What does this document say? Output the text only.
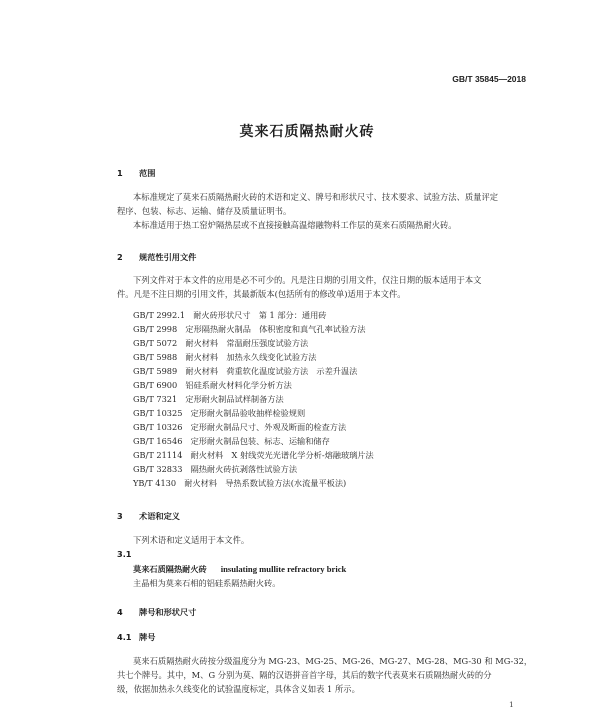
GB/T 35845—2018
莫来石质隔热耐火砖
1 范围
本标准规定了莫来石质隔热耐火砖的术语和定义、牌号和形状尺寸、技术要求、试验方法、质量评定
程序、包装、标志、运输、储存及质量证明书。
本标准适用于热工窑炉隔热层或不直接接触高温熔融物料工作层的莫来石质隔热耐火砖。
2 规范性引用文件
下列文件对于本文件的应用是必不可少的。凡是注日期的引用文件，仅注日期的版本适用于本文
件。凡是不注日期的引用文件，其最新版本(包括所有的修改单)适用于本文件。
GB/T 2992.1　耐火砖形状尺寸　第 1 部分：通用砖
GB/T 2998　定形隔热耐火制品　体积密度和真气孔率试验方法
GB/T 5072　耐火材料　常温耐压强度试验方法
GB/T 5988　耐火材料　加热永久线变化试验方法
GB/T 5989　耐火材料　荷重软化温度试验方法　示差升温法
GB/T 6900　铝硅系耐火材料化学分析方法
GB/T 7321　定形耐火制品试样制备方法
GB/T 10325　定形耐火制品验收抽样检验规则
GB/T 10326　定形耐火制品尺寸、外观及断面的检查方法
GB/T 16546　定形耐火制品包装、标志、运输和储存
GB/T 21114　耐火材料　X 射线荧光光谱化学分析-熔融玻璃片法
GB/T 32833　隔热耐火砖抗剥落性试验方法
YB/T 4130　耐火材料　导热系数试验方法(水流量平板法)
3 术语和定义
下列术语和定义适用于本文件。
3.1
莫来石质隔热耐火砖 insulating mullite refractory brick
主晶相为莫来石相的铝硅系隔热耐火砖。
4 牌号和形状尺寸
4.1 牌号
莫来石质隔热耐火砖按分级温度分为 MG-23、MG-25、MG-26、MG-27、MG-28、MG-30 和 MG-32，
共七个牌号。其中，M、G 分别为莫、隔的汉语拼音首字母，其后的数字代表莫来石质隔热耐火砖的分
级，依据加热永久线变化的试验温度标定，具体含义如表 1 所示。
1
